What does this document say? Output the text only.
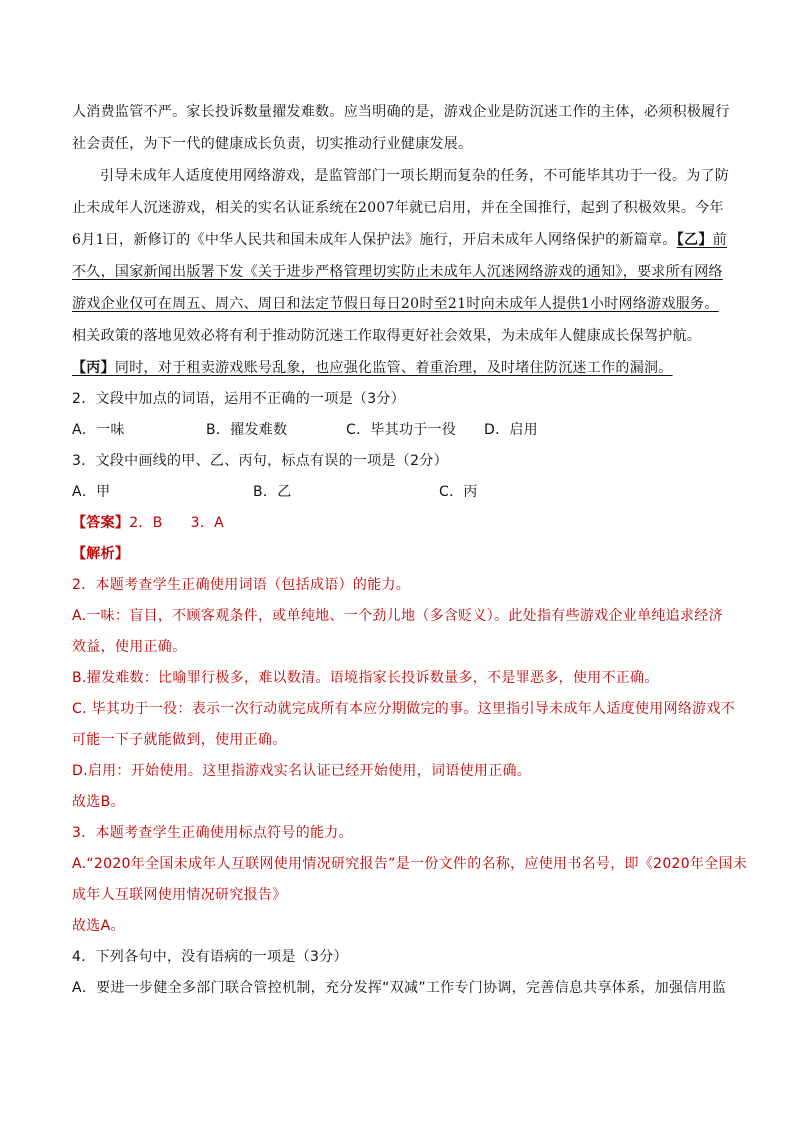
人消费监管不严。家长投诉数量擢发难数。应当明确的是，游戏企业是防沉迷工作的主体，必须积极履行
社会责任，为下一代的健康成长负责，切实推动行业健康发展。
引导未成年人适度使用网络游戏，是监管部门一项长期而复杂的任务，不可能毕其功于一役。为了防
止未成年人沉迷游戏，相关的实名认证系统在2007年就已启用，并在全国推行，起到了积极效果。今年
6月1日，新修订的《中华人民共和国未成年人保护法》施行，开启未成年人网络保护的新篇章。【乙】前
不久，国家新闻出版署下发《关于进步严格管理切实防止未成年人沉迷网络游戏的通知》，要求所有网络
游戏企业仅可在周五、周六、周日和法定节假日每日20时至21时向未成年人提供1小时网络游戏服务。
相关政策的落地见效必将有利于推动防沉迷工作取得更好社会效果，为未成年人健康成长保驾护航。
【丙】同时，对于租卖游戏账号乱象，也应强化监管、着重治理，及时堵住防沉迷工作的漏洞。
2．文段中加点的词语，运用不正确的一项是（3分）
A．一味	B．擢发难数	C．毕其功于一役	D．启用
3．文段中画线的甲、乙、丙句，标点有误的一项是（2分）
A．甲	B．乙	C．丙
【答案】2．B 3．A
【解析】
2．本题考查学生正确使用词语（包括成语）的能力。
A.一味：盲目，不顾客观条件，或单纯地、一个劲儿地（多含贬义）。此处指有些游戏企业单纯追求经济
效益，使用正确。
B.擢发难数：比喻罪行极多，难以数清。语境指家长投诉数量多，不是罪恶多，使用不正确。
C. 毕其功于一役：表示一次行动就完成所有本应分期做完的事。这里指引导未成年人适度使用网络游戏不
可能一下子就能做到，使用正确。
D.启用：开始使用。这里指游戏实名认证已经开始使用，词语使用正确。
故选B。
3．本题考查学生正确使用标点符号的能力。
A.“2020年全国未成年人互联网使用情况研究报告”是一份文件的名称，应使用书名号，即《2020年全国未
成年人互联网使用情况研究报告》
故选A。
4．下列各句中，没有语病的一项是（3分）
A．要进一步健全多部门联合管控机制，充分发挥“双减”工作专门协调，完善信息共享体系，加强信用监
